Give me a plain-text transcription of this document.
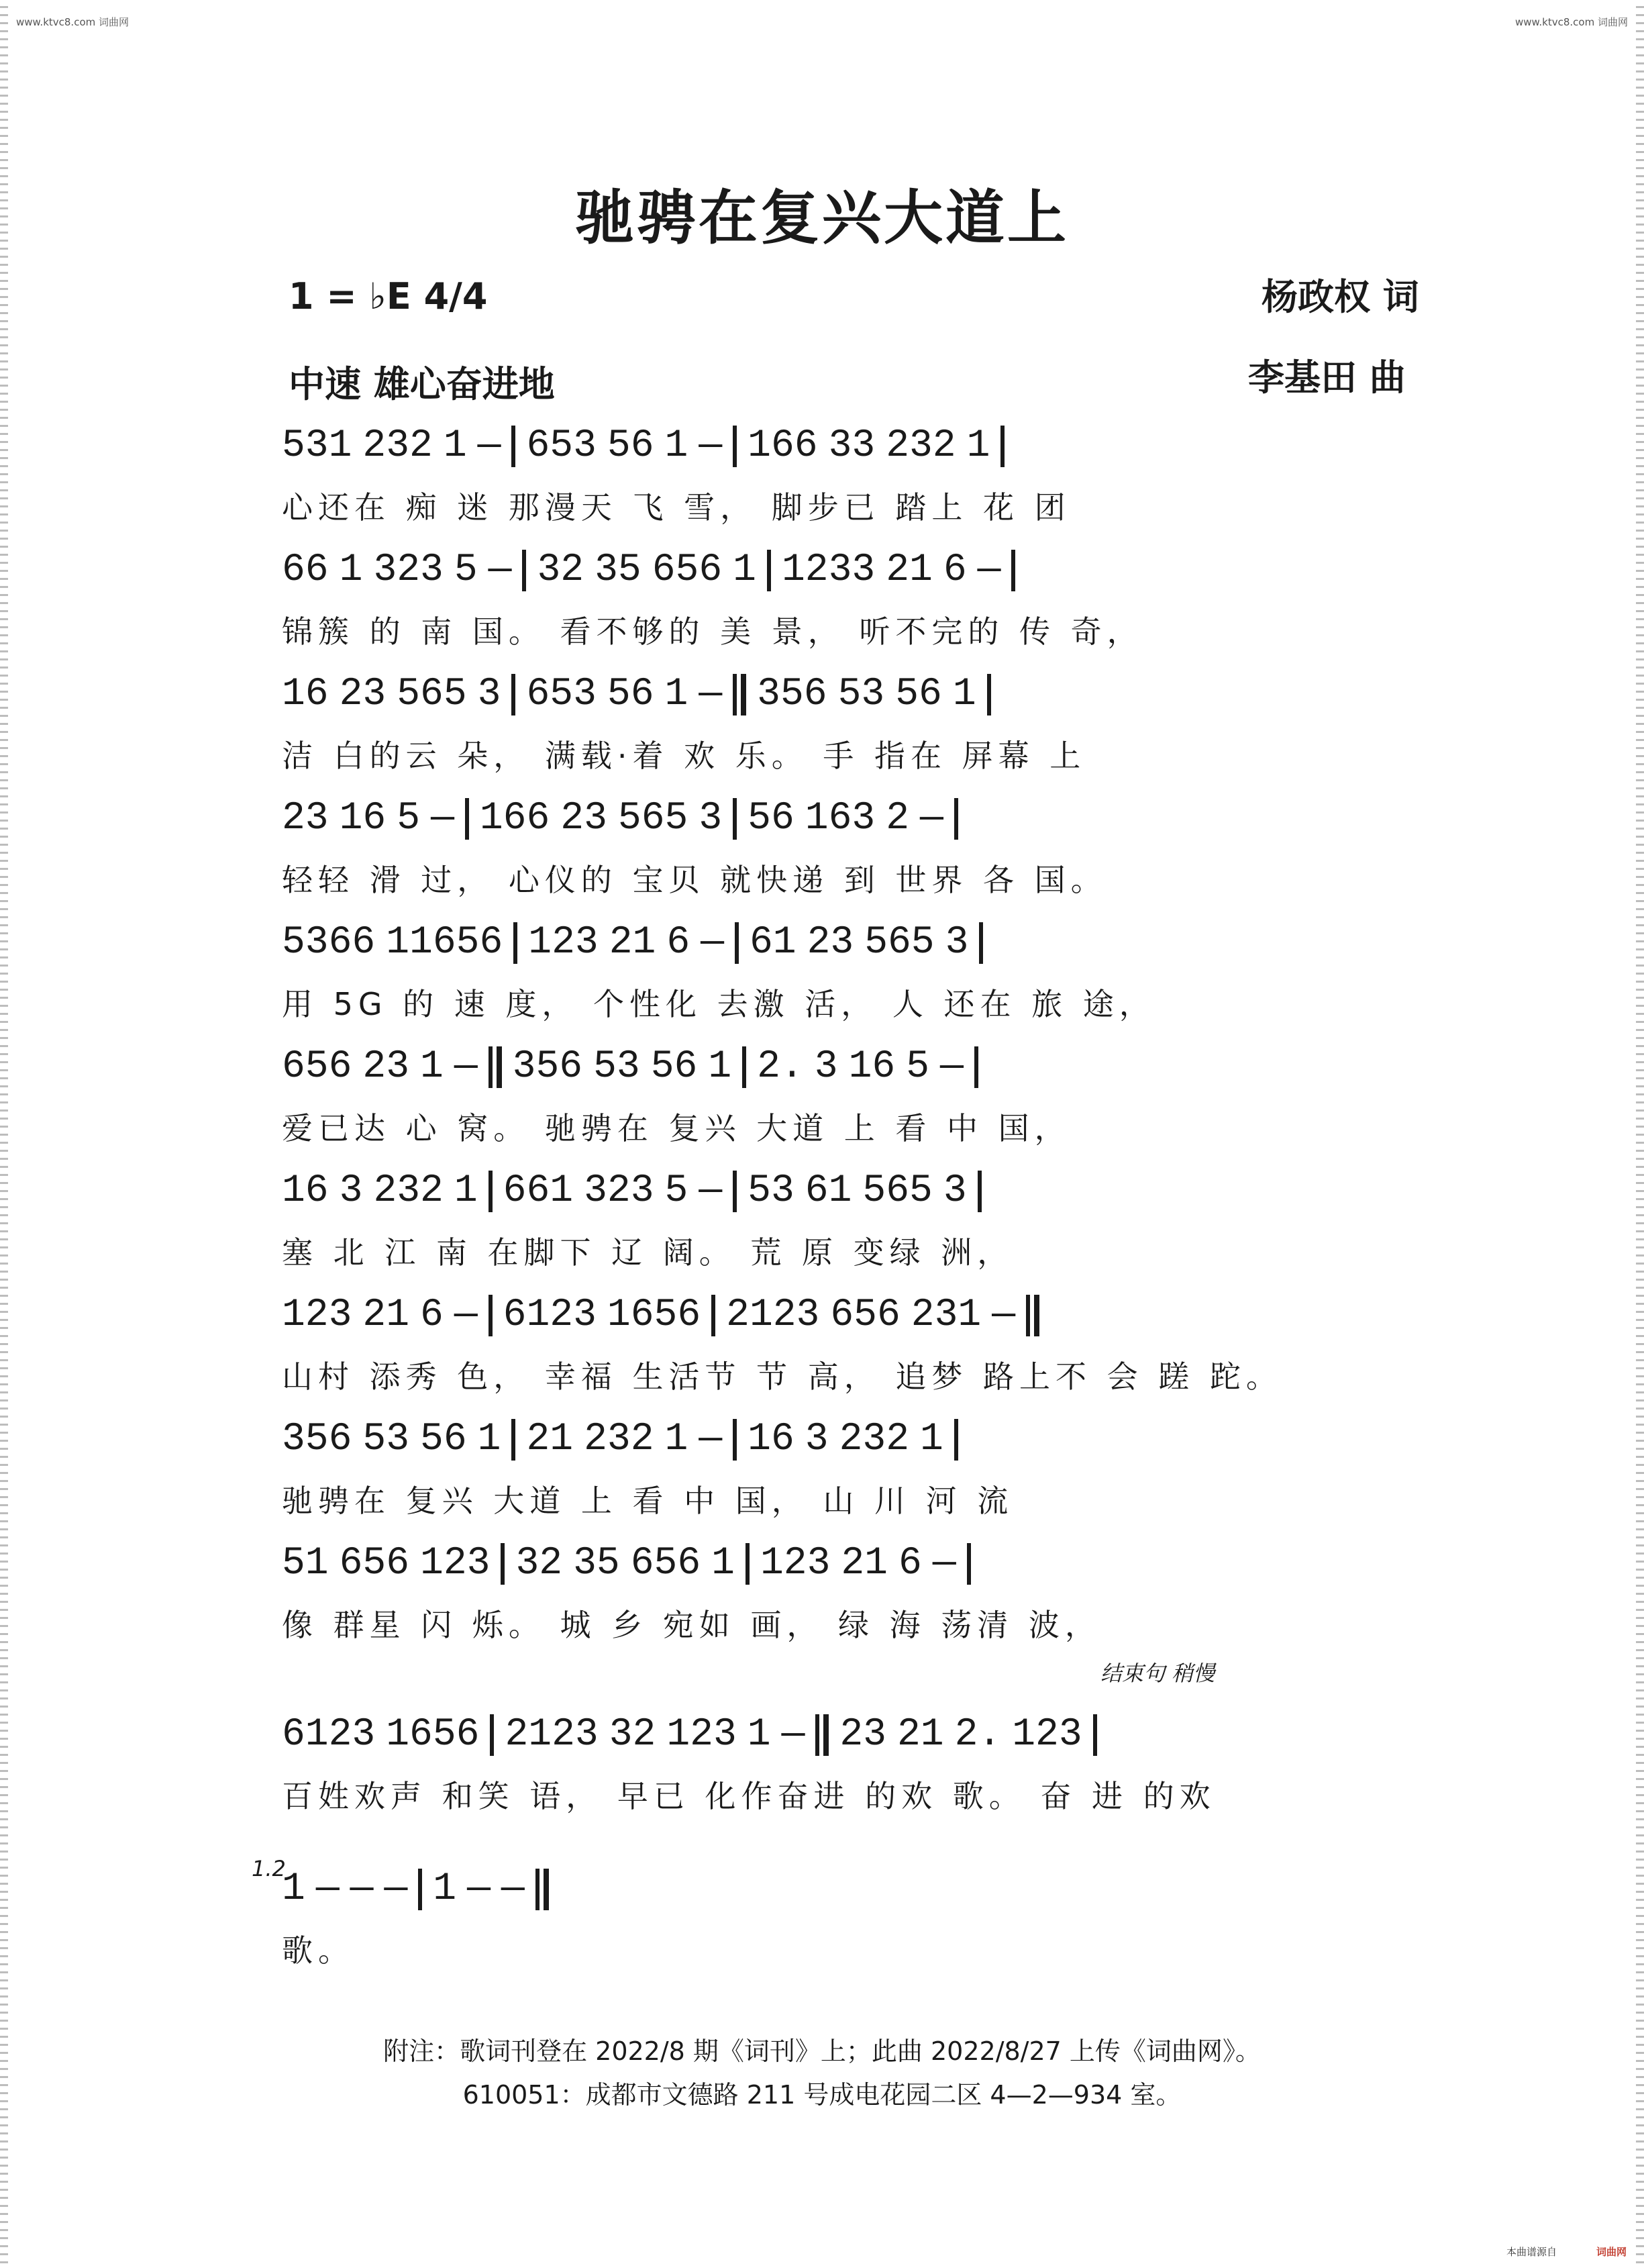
www.ktvc8.com 词曲网	www.ktvc8.com 词曲网
驰骋在复兴大道上
1 = ♭E 4/4
中速 雄心奋进地
杨政权 词
李基田 曲
531 232 1 — 653 56 1 — 166 33 232 1
心还在 痴 迷 那漫天 飞 雪， 脚步已 踏上 花 团
66 1 323 5 — 32 35 656 1 1233 21 6 —
锦簇 的 南 国。 看不够的 美 景， 听不完的 传 奇，
16 23 565 3 653 56 1 — 356 53 56 1
洁 白的云 朵， 满载·着 欢 乐。 手 指在 屏幕 上
23 16 5 — 166 23 565 3 56 163 2 —
轻轻 滑 过， 心仪的 宝贝 就快递 到 世界 各 国。
5366 11656 123 21 6 — 61 23 565 3
用 5G 的 速 度， 个性化 去激 活， 人 还在 旅 途，
656 23 1 — 356 53 56 1 2. 3 16 5 —
爱已达 心 窝。 驰骋在 复兴 大道 上 看 中 国，
16 3 232 1 661 323 5 — 53 61 565 3
塞 北 江 南 在脚下 辽 阔。 荒 原 变绿 洲，
123 21 6 — 6123 1656 2123 656 231 —
山村 添秀 色， 幸福 生活节 节 高， 追梦 路上不 会 蹉 跎。
356 53 56 1 21 232 1 — 16 3 232 1
驰骋在 复兴 大道 上 看 中 国， 山 川 河 流
51 656 123 32 35 656 1 123 21 6 —
像 群星 闪 烁。 城 乡 宛如 画， 绿 海 荡清 波，
6123 1656 2123 32 123 1 — 23 21 2. 123
百姓欢声 和笑 语， 早已 化作奋进 的欢 歌。 奋 进 的欢
1 — — — 1 — —
歌。
结束句 稍慢
1.2
附注：歌词刊登在 2022/8 期《词刊》上；此曲 2022/8/27 上传《词曲网》。
610051：成都市文德路 211 号成电花园二区 4—2—934 室。
本曲谱源自	词曲网
